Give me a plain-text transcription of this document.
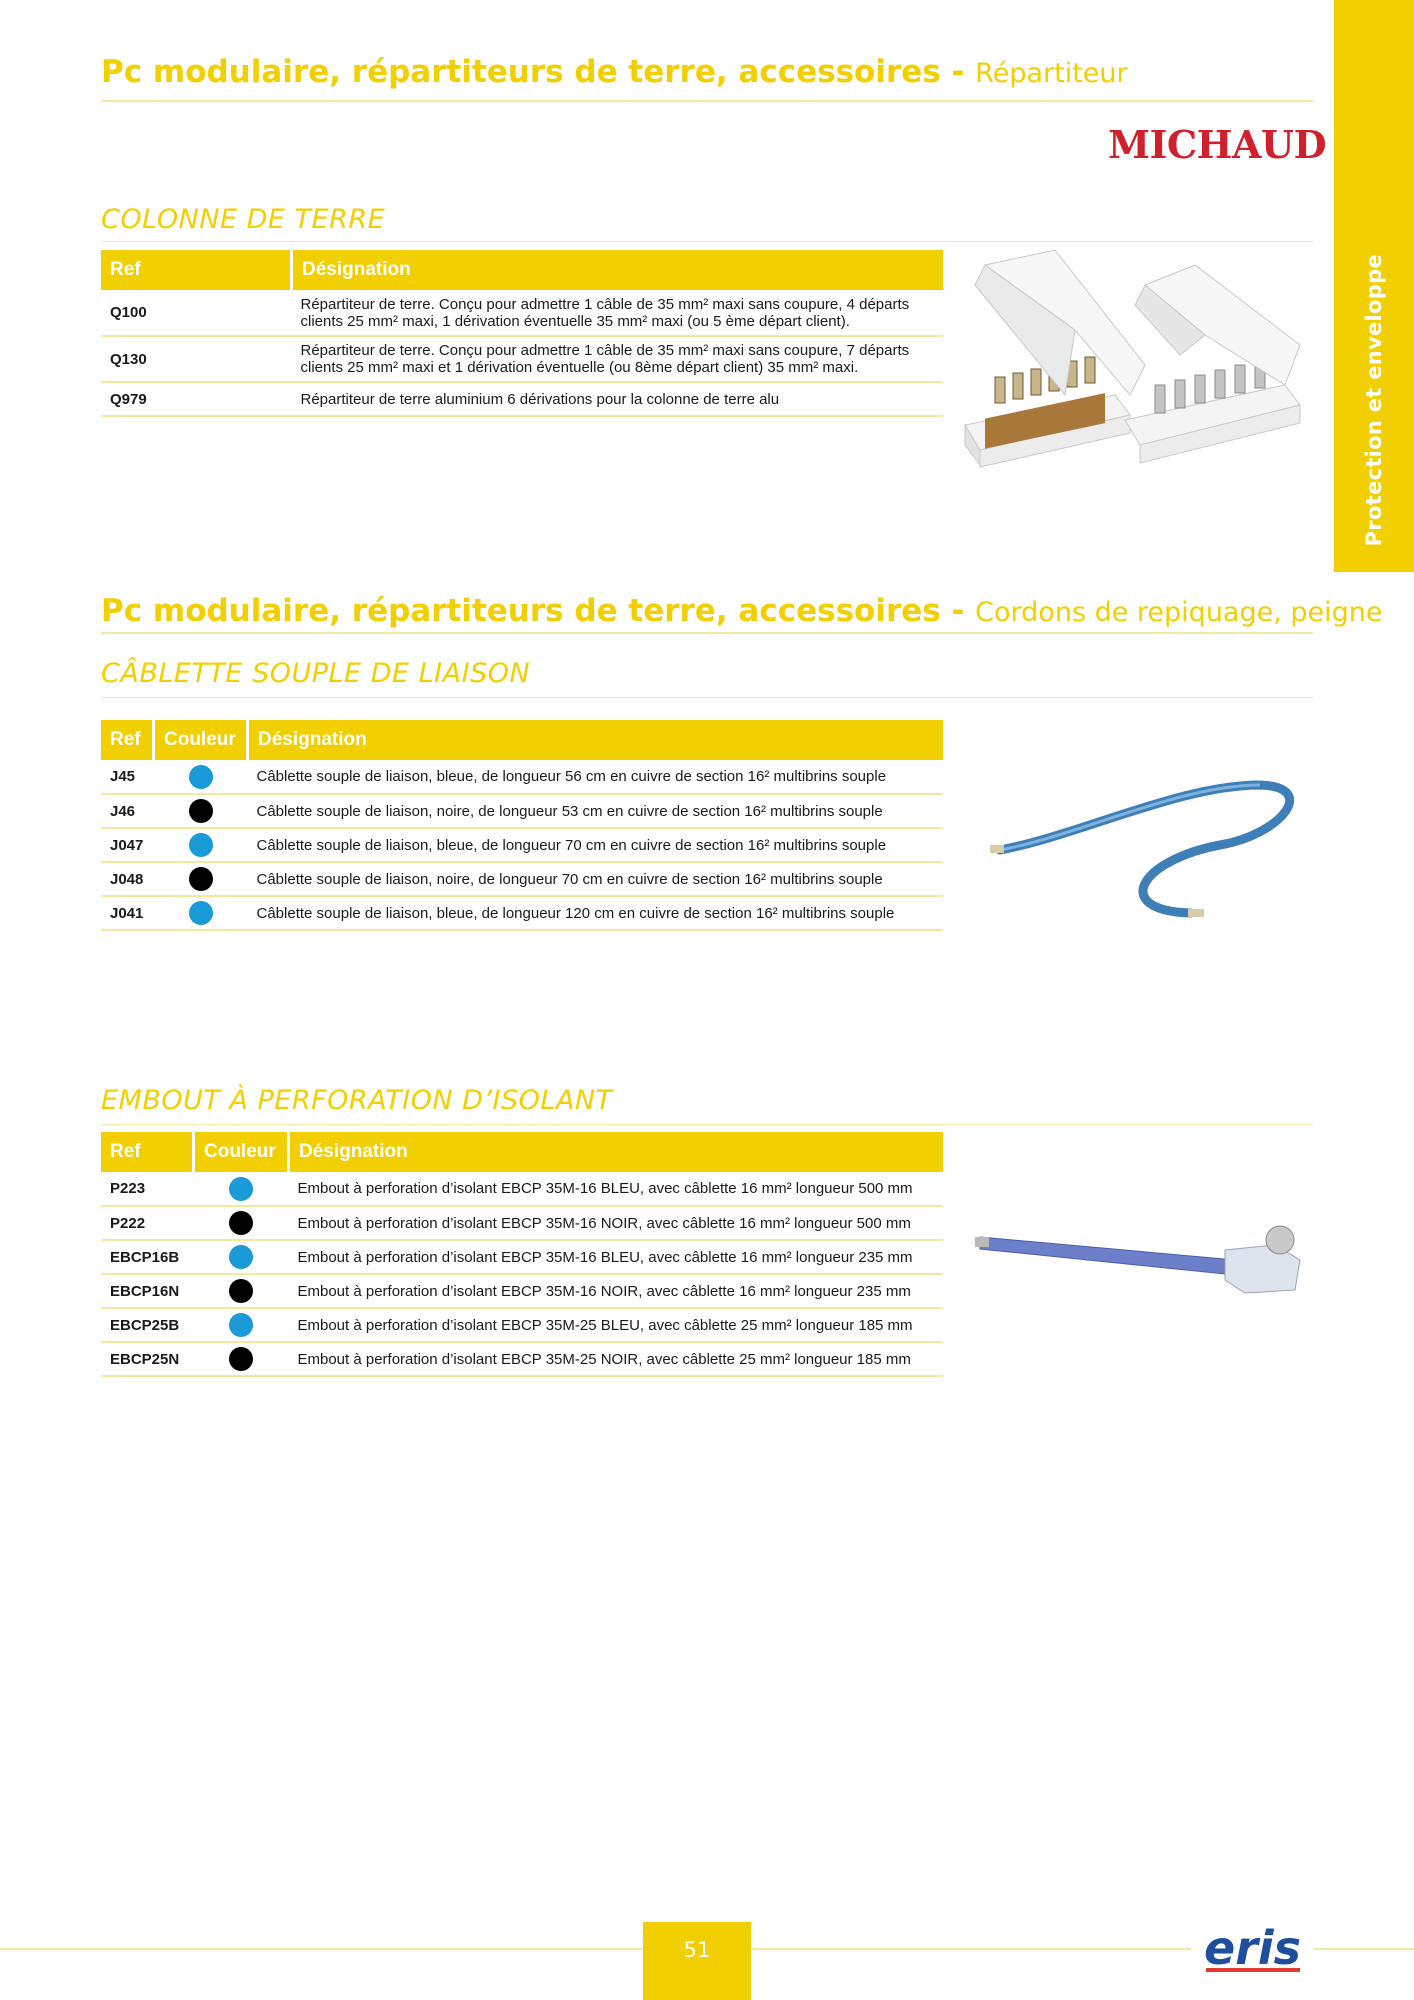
Protection et enveloppe
Pc modulaire, répartiteurs de terre, accessoires - Répartiteur
MICHAUD
COLONNE DE TERRE
Ref	Désignation
Q100	Répartiteur de terre. Conçu pour admettre 1 câble de 35 mm² maxi sans coupure, 4 départs clients 25 mm² maxi, 1 dérivation éventuelle 35 mm² maxi (ou 5 ème départ client).
Q130	Répartiteur de terre. Conçu pour admettre 1 câble de 35 mm² maxi sans coupure, 7 départs clients 25 mm² maxi et 1 dérivation éventuelle (ou 8ème départ client) 35 mm² maxi.
Q979	Répartiteur de terre aluminium 6 dérivations pour la colonne de terre alu
Pc modulaire, répartiteurs de terre, accessoires - Cordons de repiquage, peigne
CÂBLETTE SOUPLE DE LIAISON
Ref	Couleur	Désignation
J45		Câblette souple de liaison, bleue, de longueur 56 cm en cuivre de section 16² multibrins souple
J46		Câblette souple de liaison, noire, de longueur 53 cm en cuivre de section 16² multibrins souple
J047		Câblette souple de liaison, bleue, de longueur 70 cm en cuivre de section 16² multibrins souple
J048		Câblette souple de liaison, noire, de longueur 70 cm en cuivre de section 16² multibrins souple
J041		Câblette souple de liaison, bleue, de longueur 120 cm en cuivre de section 16² multibrins souple
EMBOUT À PERFORATION D’ISOLANT
Ref	Couleur	Désignation
P223		Embout à perforation d’isolant EBCP 35M-16 BLEU, avec câblette 16 mm² longueur 500 mm
P222		Embout à perforation d’isolant EBCP 35M-16 NOIR, avec câblette 16 mm² longueur 500 mm
EBCP16B		Embout à perforation d’isolant EBCP 35M-16 BLEU, avec câblette 16 mm² longueur 235 mm
EBCP16N		Embout à perforation d’isolant EBCP 35M-16 NOIR, avec câblette 16 mm² longueur 235 mm
EBCP25B		Embout à perforation d’isolant EBCP 35M-25 BLEU, avec câblette 25 mm² longueur 185 mm
EBCP25N		Embout à perforation d’isolant EBCP 35M-25 NOIR, avec câblette 25 mm² longueur 185 mm
51	eris
